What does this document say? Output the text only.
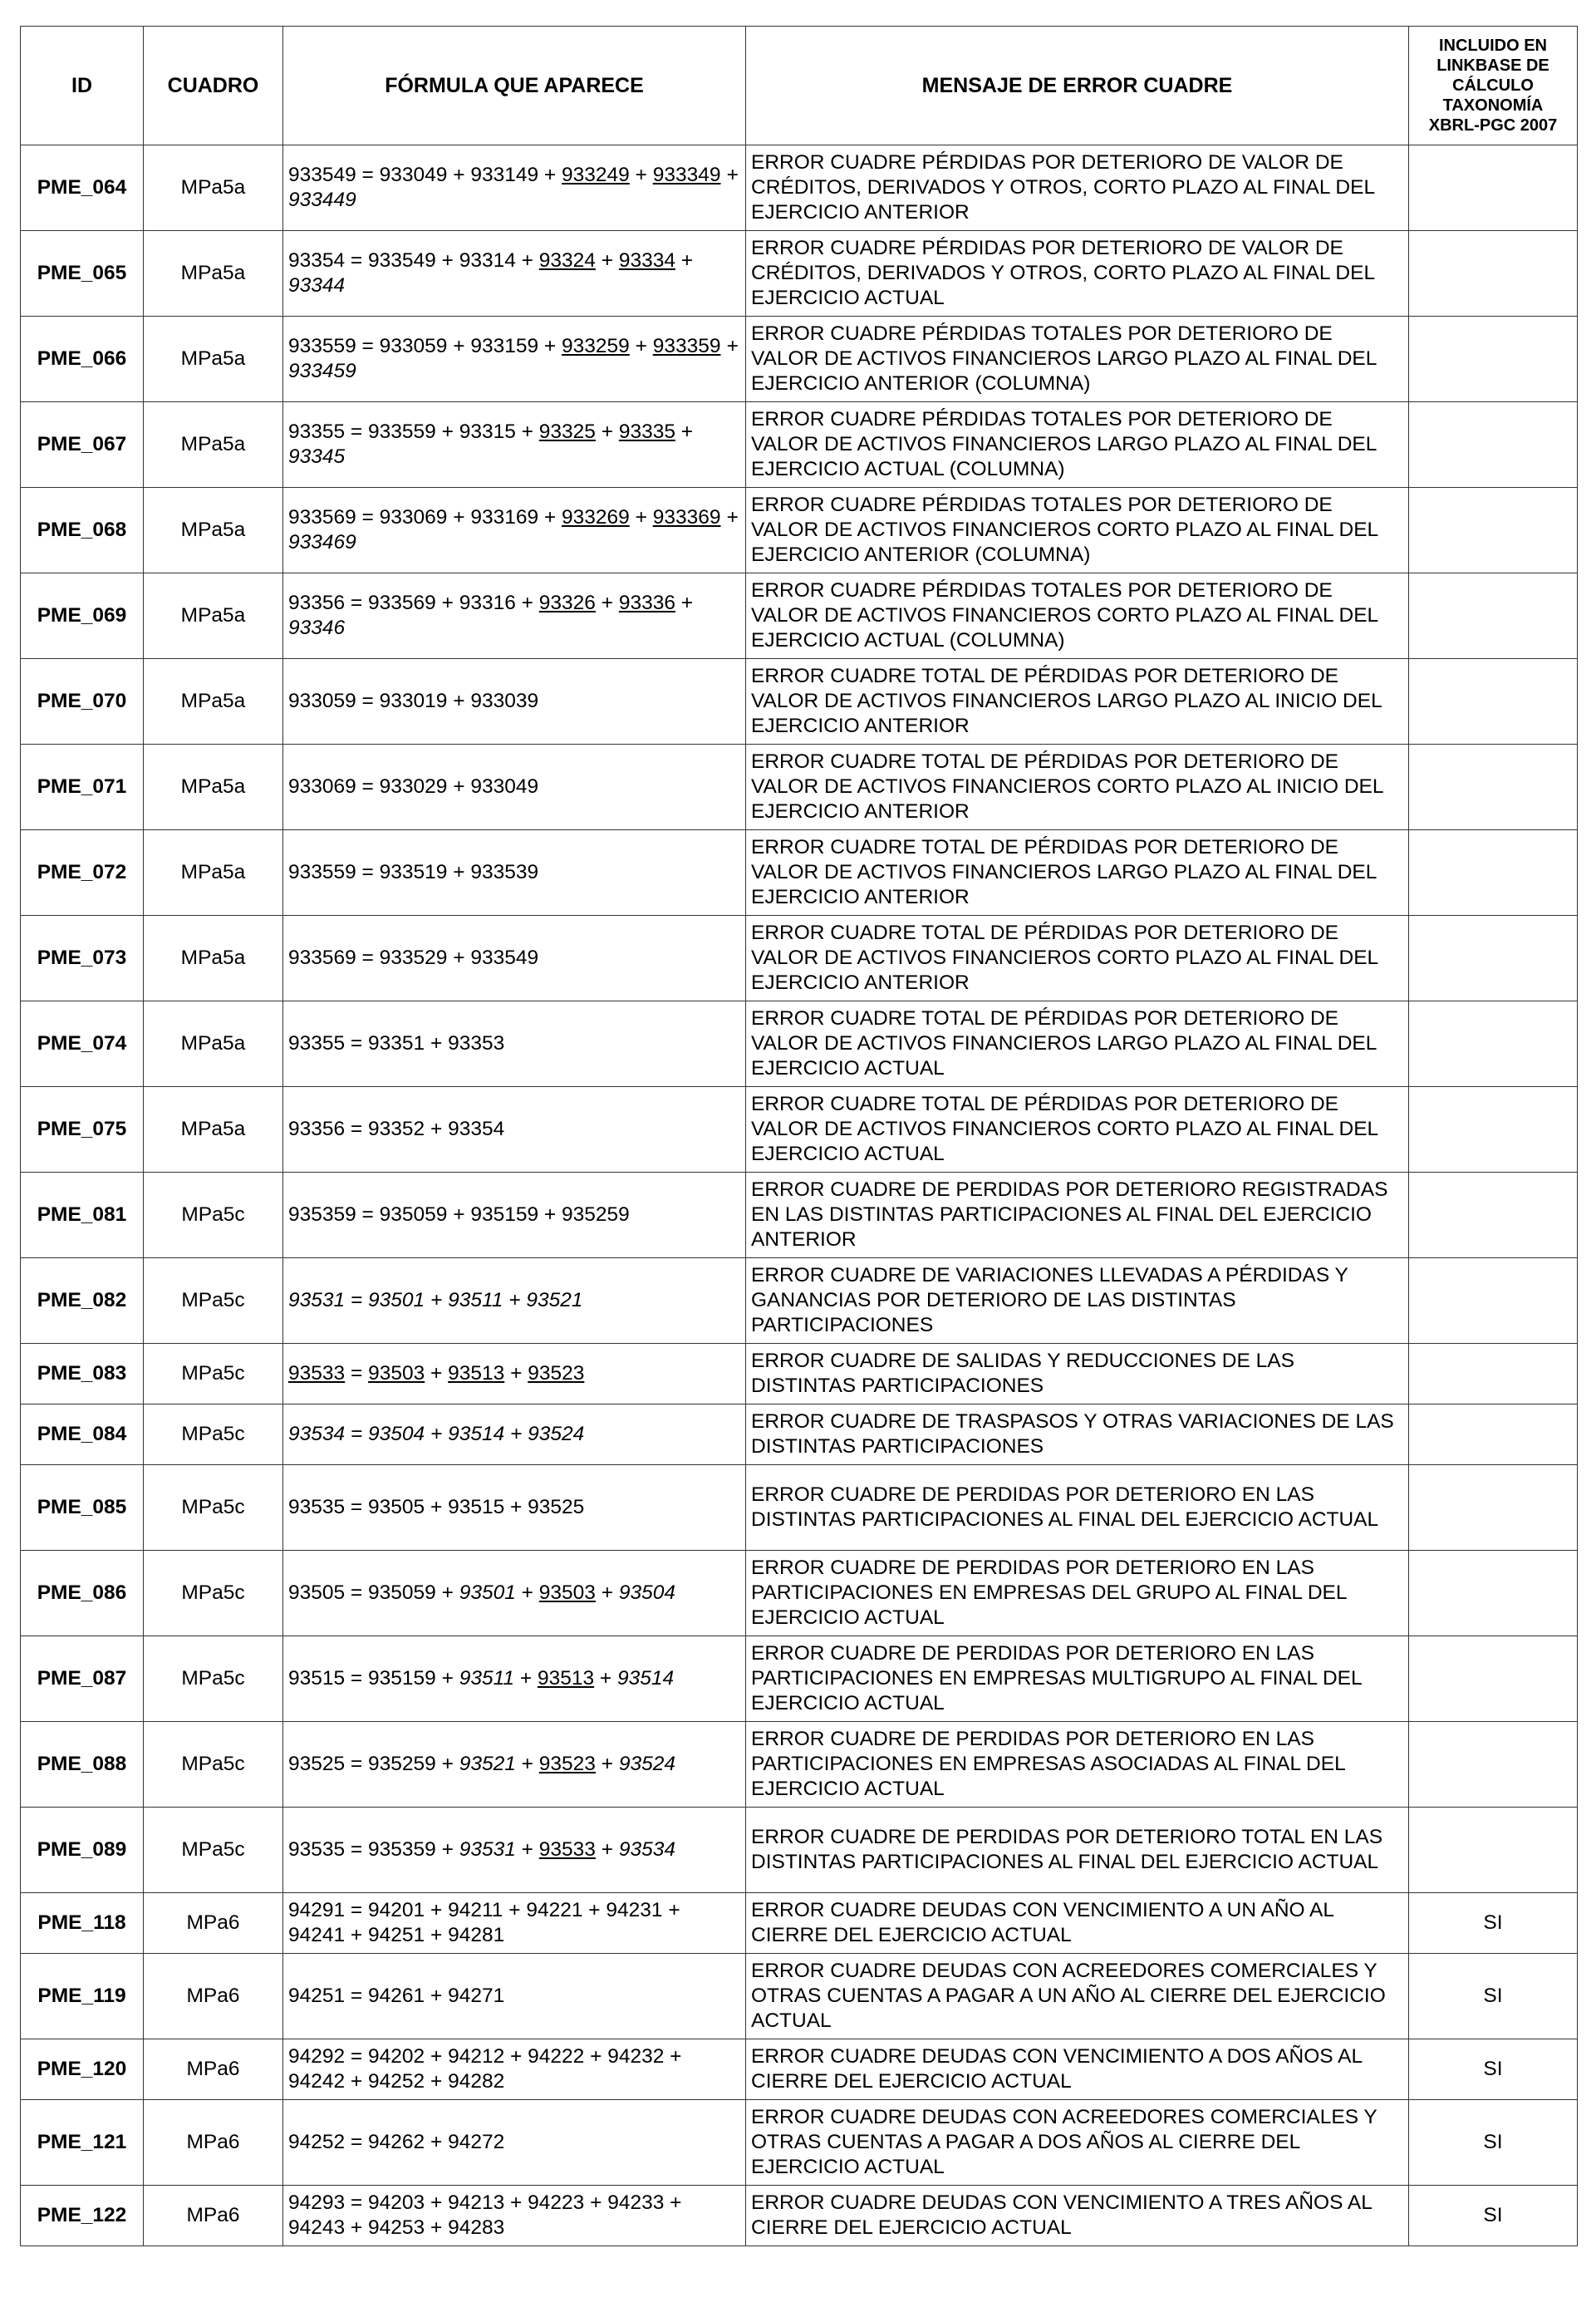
ID	CUADRO	FÓRMULA QUE APARECE	MENSAJE DE ERROR CUADRE	INCLUIDO EN
LINKBASE DE
CÁLCULO
TAXONOMÍA
XBRL-PGC 2007

PME_064	MPa5a	933549 = 933049 + 933149 + 933249 + 933349 + 933449	ERROR CUADRE PÉRDIDAS POR DETERIORO DE VALOR DE CRÉDITOS, DERIVADOS Y OTROS, CORTO PLAZO AL FINAL DEL EJERCICIO ANTERIOR	
PME_065	MPa5a	93354 = 933549 + 93314 + 93324 + 93334 + 93344	ERROR CUADRE PÉRDIDAS POR DETERIORO DE VALOR DE CRÉDITOS, DERIVADOS Y OTROS, CORTO PLAZO AL FINAL DEL EJERCICIO ACTUAL	
PME_066	MPa5a	933559 = 933059 + 933159 + 933259 + 933359 + 933459	ERROR CUADRE PÉRDIDAS TOTALES POR DETERIORO DE VALOR DE ACTIVOS FINANCIEROS LARGO PLAZO AL FINAL DEL EJERCICIO ANTERIOR (COLUMNA)	
PME_067	MPa5a	93355 = 933559 + 93315 + 93325 + 93335 + 93345	ERROR CUADRE PÉRDIDAS TOTALES POR DETERIORO DE VALOR DE ACTIVOS FINANCIEROS LARGO PLAZO AL FINAL DEL EJERCICIO ACTUAL (COLUMNA)	
PME_068	MPa5a	933569 = 933069 + 933169 + 933269 + 933369 + 933469	ERROR CUADRE PÉRDIDAS TOTALES POR DETERIORO DE VALOR DE ACTIVOS FINANCIEROS CORTO PLAZO AL FINAL DEL EJERCICIO ANTERIOR (COLUMNA)	
PME_069	MPa5a	93356 = 933569 + 93316 + 93326 + 93336 + 93346	ERROR CUADRE PÉRDIDAS TOTALES POR DETERIORO DE VALOR DE ACTIVOS FINANCIEROS CORTO PLAZO AL FINAL DEL EJERCICIO ACTUAL (COLUMNA)	
PME_070	MPa5a	933059 = 933019 + 933039	ERROR CUADRE TOTAL DE PÉRDIDAS POR DETERIORO DE VALOR DE ACTIVOS FINANCIEROS LARGO PLAZO AL INICIO DEL EJERCICIO ANTERIOR	
PME_071	MPa5a	933069 = 933029 + 933049	ERROR CUADRE TOTAL DE PÉRDIDAS POR DETERIORO DE VALOR DE ACTIVOS FINANCIEROS CORTO PLAZO AL INICIO DEL EJERCICIO ANTERIOR	
PME_072	MPa5a	933559 = 933519 + 933539	ERROR CUADRE TOTAL DE PÉRDIDAS POR DETERIORO DE VALOR DE ACTIVOS FINANCIEROS LARGO PLAZO AL FINAL DEL EJERCICIO ANTERIOR	
PME_073	MPa5a	933569 = 933529 + 933549	ERROR CUADRE TOTAL DE PÉRDIDAS POR DETERIORO DE VALOR DE ACTIVOS FINANCIEROS CORTO PLAZO AL FINAL DEL EJERCICIO ANTERIOR	
PME_074	MPa5a	93355 = 93351 + 93353	ERROR CUADRE TOTAL DE PÉRDIDAS POR DETERIORO DE VALOR DE ACTIVOS FINANCIEROS LARGO PLAZO AL FINAL DEL EJERCICIO ACTUAL	
PME_075	MPa5a	93356 = 93352 + 93354	ERROR CUADRE TOTAL DE PÉRDIDAS POR DETERIORO DE VALOR DE ACTIVOS FINANCIEROS CORTO PLAZO AL FINAL DEL EJERCICIO ACTUAL	
PME_081	MPa5c	935359 = 935059 + 935159 + 935259	ERROR CUADRE DE PERDIDAS POR DETERIORO REGISTRADAS EN LAS DISTINTAS PARTICIPACIONES AL FINAL DEL EJERCICIO ANTERIOR	
PME_082	MPa5c	93531 = 93501 + 93511 + 93521	ERROR CUADRE DE VARIACIONES LLEVADAS A PÉRDIDAS Y GANANCIAS POR DETERIORO DE LAS DISTINTAS PARTICIPACIONES	
PME_083	MPa5c	93533 = 93503 + 93513 + 93523	ERROR CUADRE DE SALIDAS Y REDUCCIONES DE LAS DISTINTAS PARTICIPACIONES	
PME_084	MPa5c	93534 = 93504 + 93514 + 93524	ERROR CUADRE DE TRASPASOS Y OTRAS VARIACIONES DE LAS DISTINTAS PARTICIPACIONES	
PME_085	MPa5c	93535 = 93505 + 93515 + 93525	ERROR CUADRE DE PERDIDAS POR DETERIORO EN LAS DISTINTAS PARTICIPACIONES AL FINAL DEL EJERCICIO ACTUAL	
PME_086	MPa5c	93505 = 935059 + 93501 + 93503 + 93504	ERROR CUADRE DE PERDIDAS POR DETERIORO EN LAS PARTICIPACIONES EN EMPRESAS DEL GRUPO AL FINAL DEL EJERCICIO ACTUAL	
PME_087	MPa5c	93515 = 935159 + 93511 + 93513 + 93514	ERROR CUADRE DE PERDIDAS POR DETERIORO EN LAS PARTICIPACIONES EN EMPRESAS MULTIGRUPO AL FINAL DEL EJERCICIO ACTUAL	
PME_088	MPa5c	93525 = 935259 + 93521 + 93523 + 93524	ERROR CUADRE DE PERDIDAS POR DETERIORO EN LAS PARTICIPACIONES EN EMPRESAS ASOCIADAS AL FINAL DEL EJERCICIO ACTUAL	
PME_089	MPa5c	93535 = 935359 + 93531 + 93533 + 93534	ERROR CUADRE DE PERDIDAS POR DETERIORO TOTAL EN LAS DISTINTAS PARTICIPACIONES AL FINAL DEL EJERCICIO ACTUAL	
PME_118	MPa6	94291 = 94201 + 94211 + 94221 + 94231 + 94241 + 94251 + 94281	ERROR CUADRE DEUDAS CON VENCIMIENTO A UN AÑO AL CIERRE DEL EJERCICIO ACTUAL	SI
PME_119	MPa6	94251 = 94261 + 94271	ERROR CUADRE DEUDAS CON ACREEDORES COMERCIALES Y OTRAS CUENTAS A PAGAR A UN AÑO AL CIERRE DEL EJERCICIO ACTUAL	SI
PME_120	MPa6	94292 = 94202 + 94212 + 94222 + 94232 + 94242 + 94252 + 94282	ERROR CUADRE DEUDAS CON VENCIMIENTO A DOS AÑOS AL CIERRE DEL EJERCICIO ACTUAL	SI
PME_121	MPa6	94252 = 94262 + 94272	ERROR CUADRE DEUDAS CON ACREEDORES COMERCIALES Y OTRAS CUENTAS A PAGAR A DOS AÑOS AL CIERRE DEL EJERCICIO ACTUAL	SI
PME_122	MPa6	94293 = 94203 + 94213 + 94223 + 94233 + 94243 + 94253 + 94283	ERROR CUADRE DEUDAS CON VENCIMIENTO A TRES AÑOS AL CIERRE DEL EJERCICIO ACTUAL	SI
